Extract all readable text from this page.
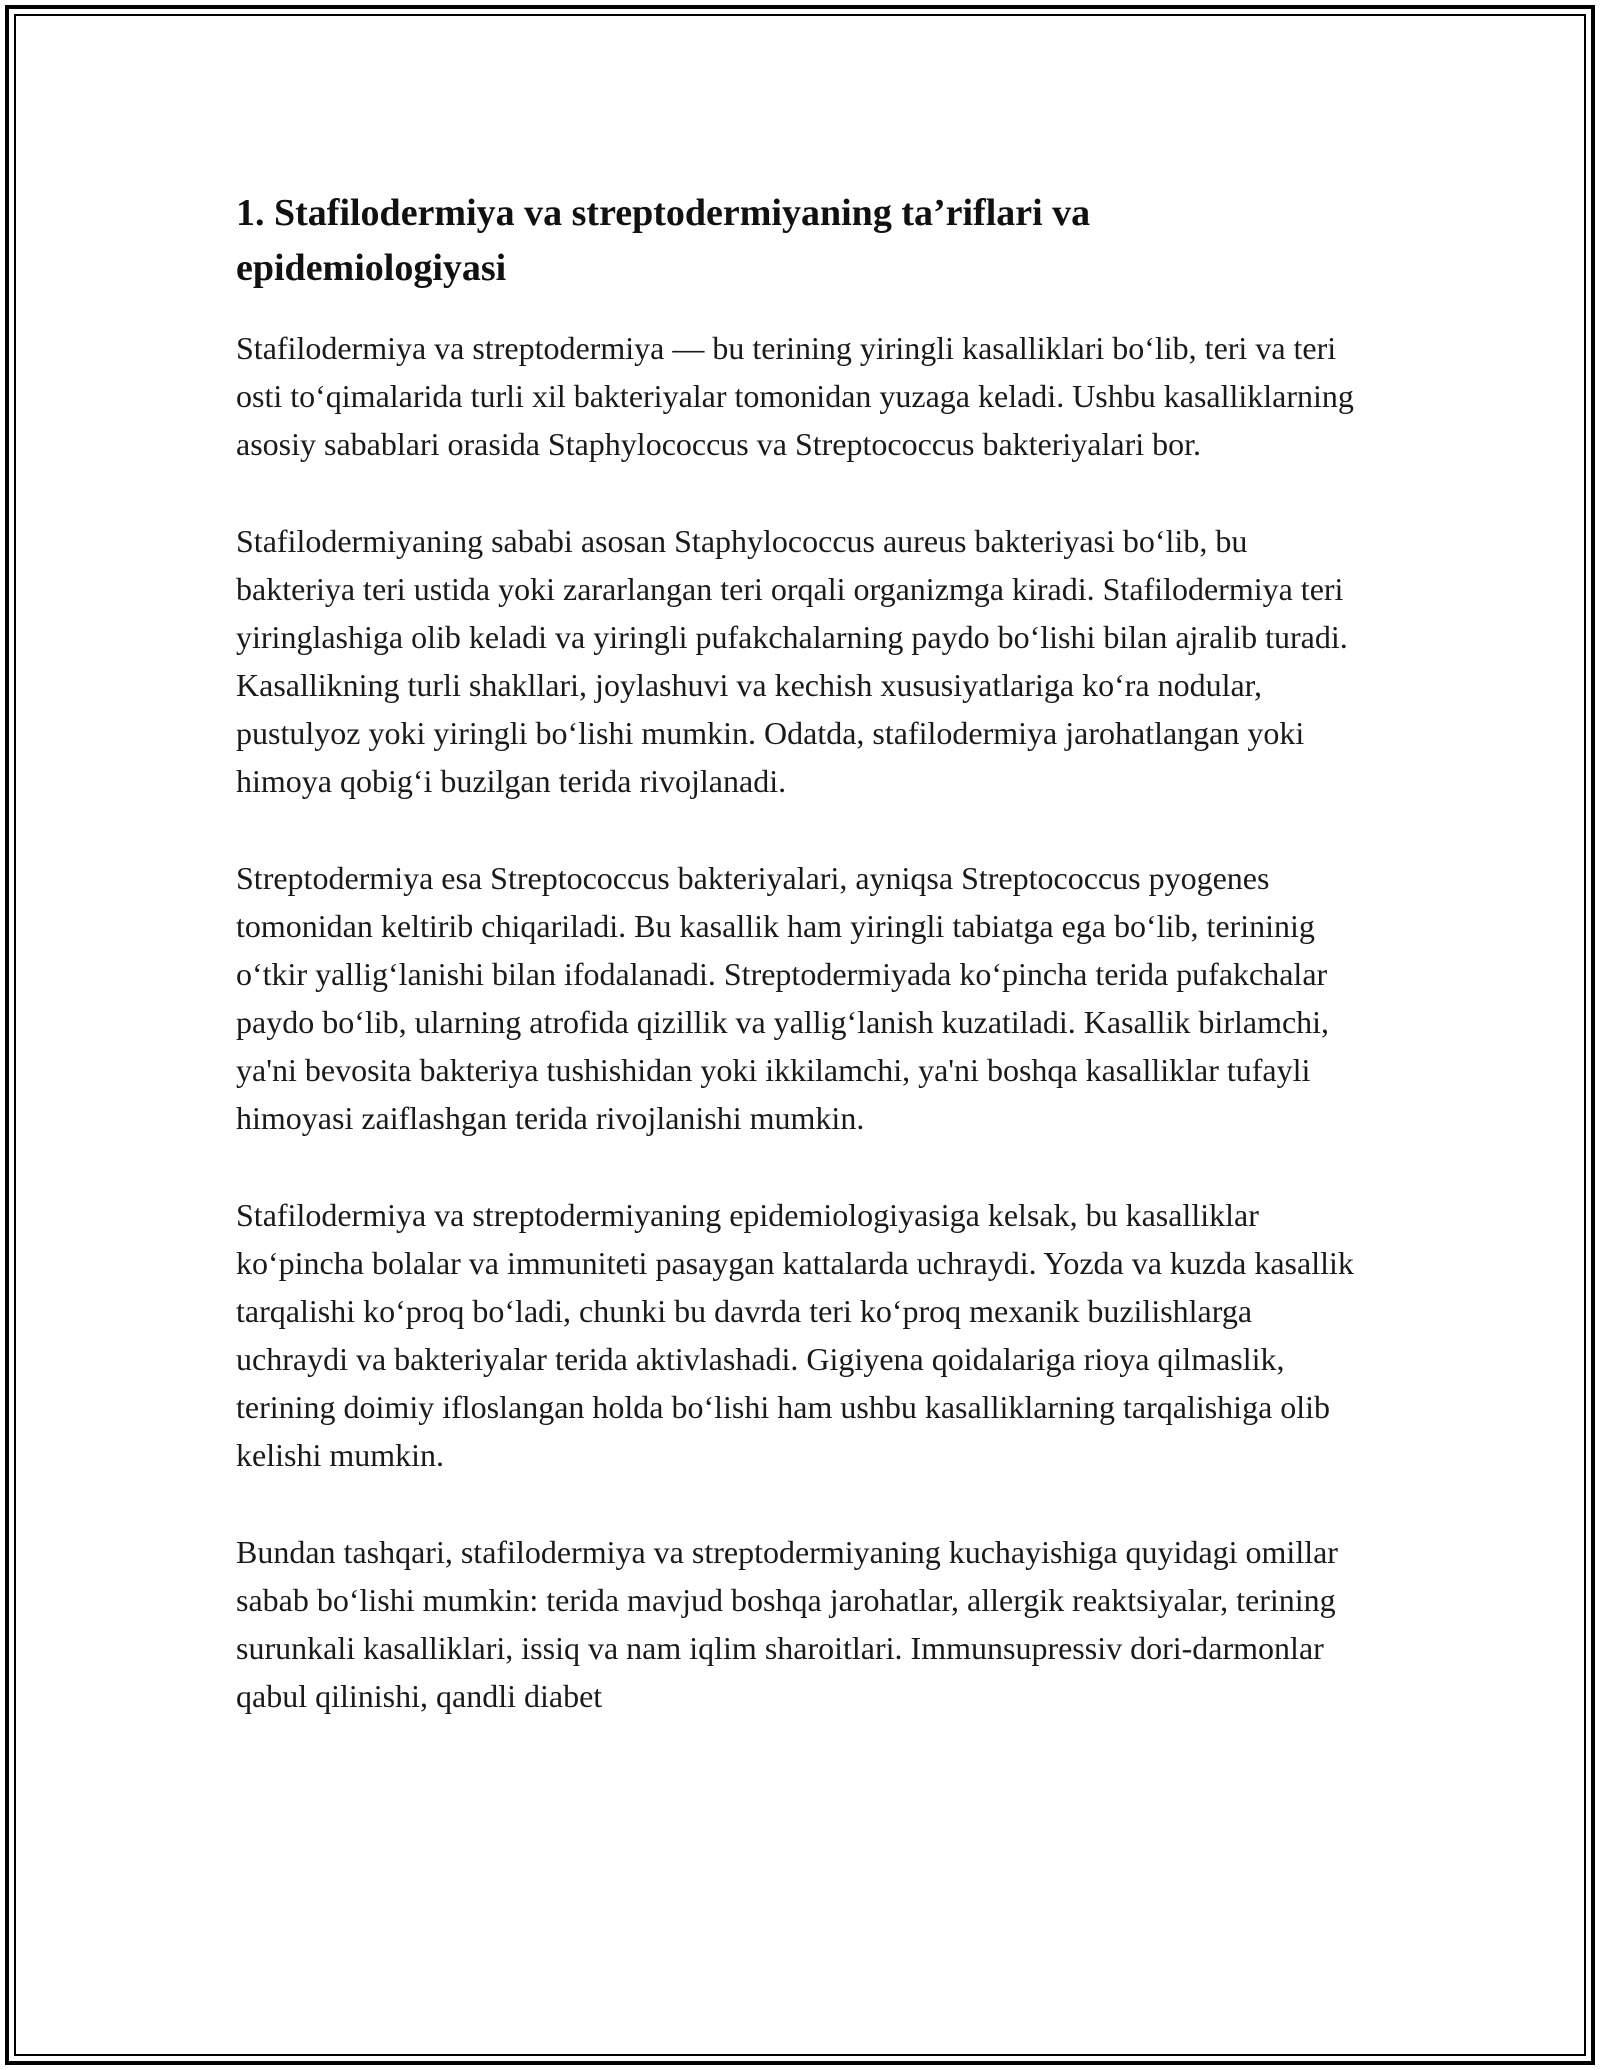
1. Stafilodermiya va streptodermiyaning ta’riflari va epidemiologiyasi

Stafilodermiya va streptodermiya — bu terining yiringli kasalliklari bo‘lib, teri va teri osti to‘qimalarida turli xil bakteriyalar tomonidan yuzaga keladi. Ushbu kasalliklarning asosiy sabablari orasida Staphylococcus va Streptococcus bakteriyalari bor.

Stafilodermiyaning sababi asosan Staphylococcus aureus bakteriyasi bo‘lib, bu bakteriya teri ustida yoki zararlangan teri orqali organizmga kiradi. Stafilodermiya teri yiringlashiga olib keladi va yiringli pufakchalarning paydo bo‘lishi bilan ajralib turadi. Kasallikning turli shakllari, joylashuvi va kechish xususiyatlariga ko‘ra nodular, pustulyoz yoki yiringli bo‘lishi mumkin. Odatda, stafilodermiya jarohatlangan yoki himoya qobig‘i buzilgan terida rivojlanadi.

Streptodermiya esa Streptococcus bakteriyalari, ayniqsa Streptococcus pyogenes tomonidan keltirib chiqariladi. Bu kasallik ham yiringli tabiatga ega bo‘lib, terininig o‘tkir yallig‘lanishi bilan ifodalanadi. Streptodermiyada ko‘pincha terida pufakchalar paydo bo‘lib, ularning atrofida qizillik va yallig‘lanish kuzatiladi. Kasallik birlamchi, ya'ni bevosita bakteriya tushishidan yoki ikkilamchi, ya'ni boshqa kasalliklar tufayli himoyasi zaiflashgan terida rivojlanishi mumkin.

Stafilodermiya va streptodermiyaning epidemiologiyasiga kelsak, bu kasalliklar ko‘pincha bolalar va immuniteti pasaygan kattalarda uchraydi. Yozda va kuzda kasallik tarqalishi ko‘proq bo‘ladi, chunki bu davrda teri ko‘proq mexanik buzilishlarga uchraydi va bakteriyalar terida aktivlashadi. Gigiyena qoidalariga rioya qilmaslik, terining doimiy ifloslangan holda bo‘lishi ham ushbu kasalliklarning tarqalishiga olib kelishi mumkin.

Bundan tashqari, stafilodermiya va streptodermiyaning kuchayishiga quyidagi omillar sabab bo‘lishi mumkin: terida mavjud boshqa jarohatlar, allergik reaktsiyalar, terining surunkali kasalliklari, issiq va nam iqlim sharoitlari. Immunsupressiv dori-darmonlar qabul qilinishi, qandli diabet
